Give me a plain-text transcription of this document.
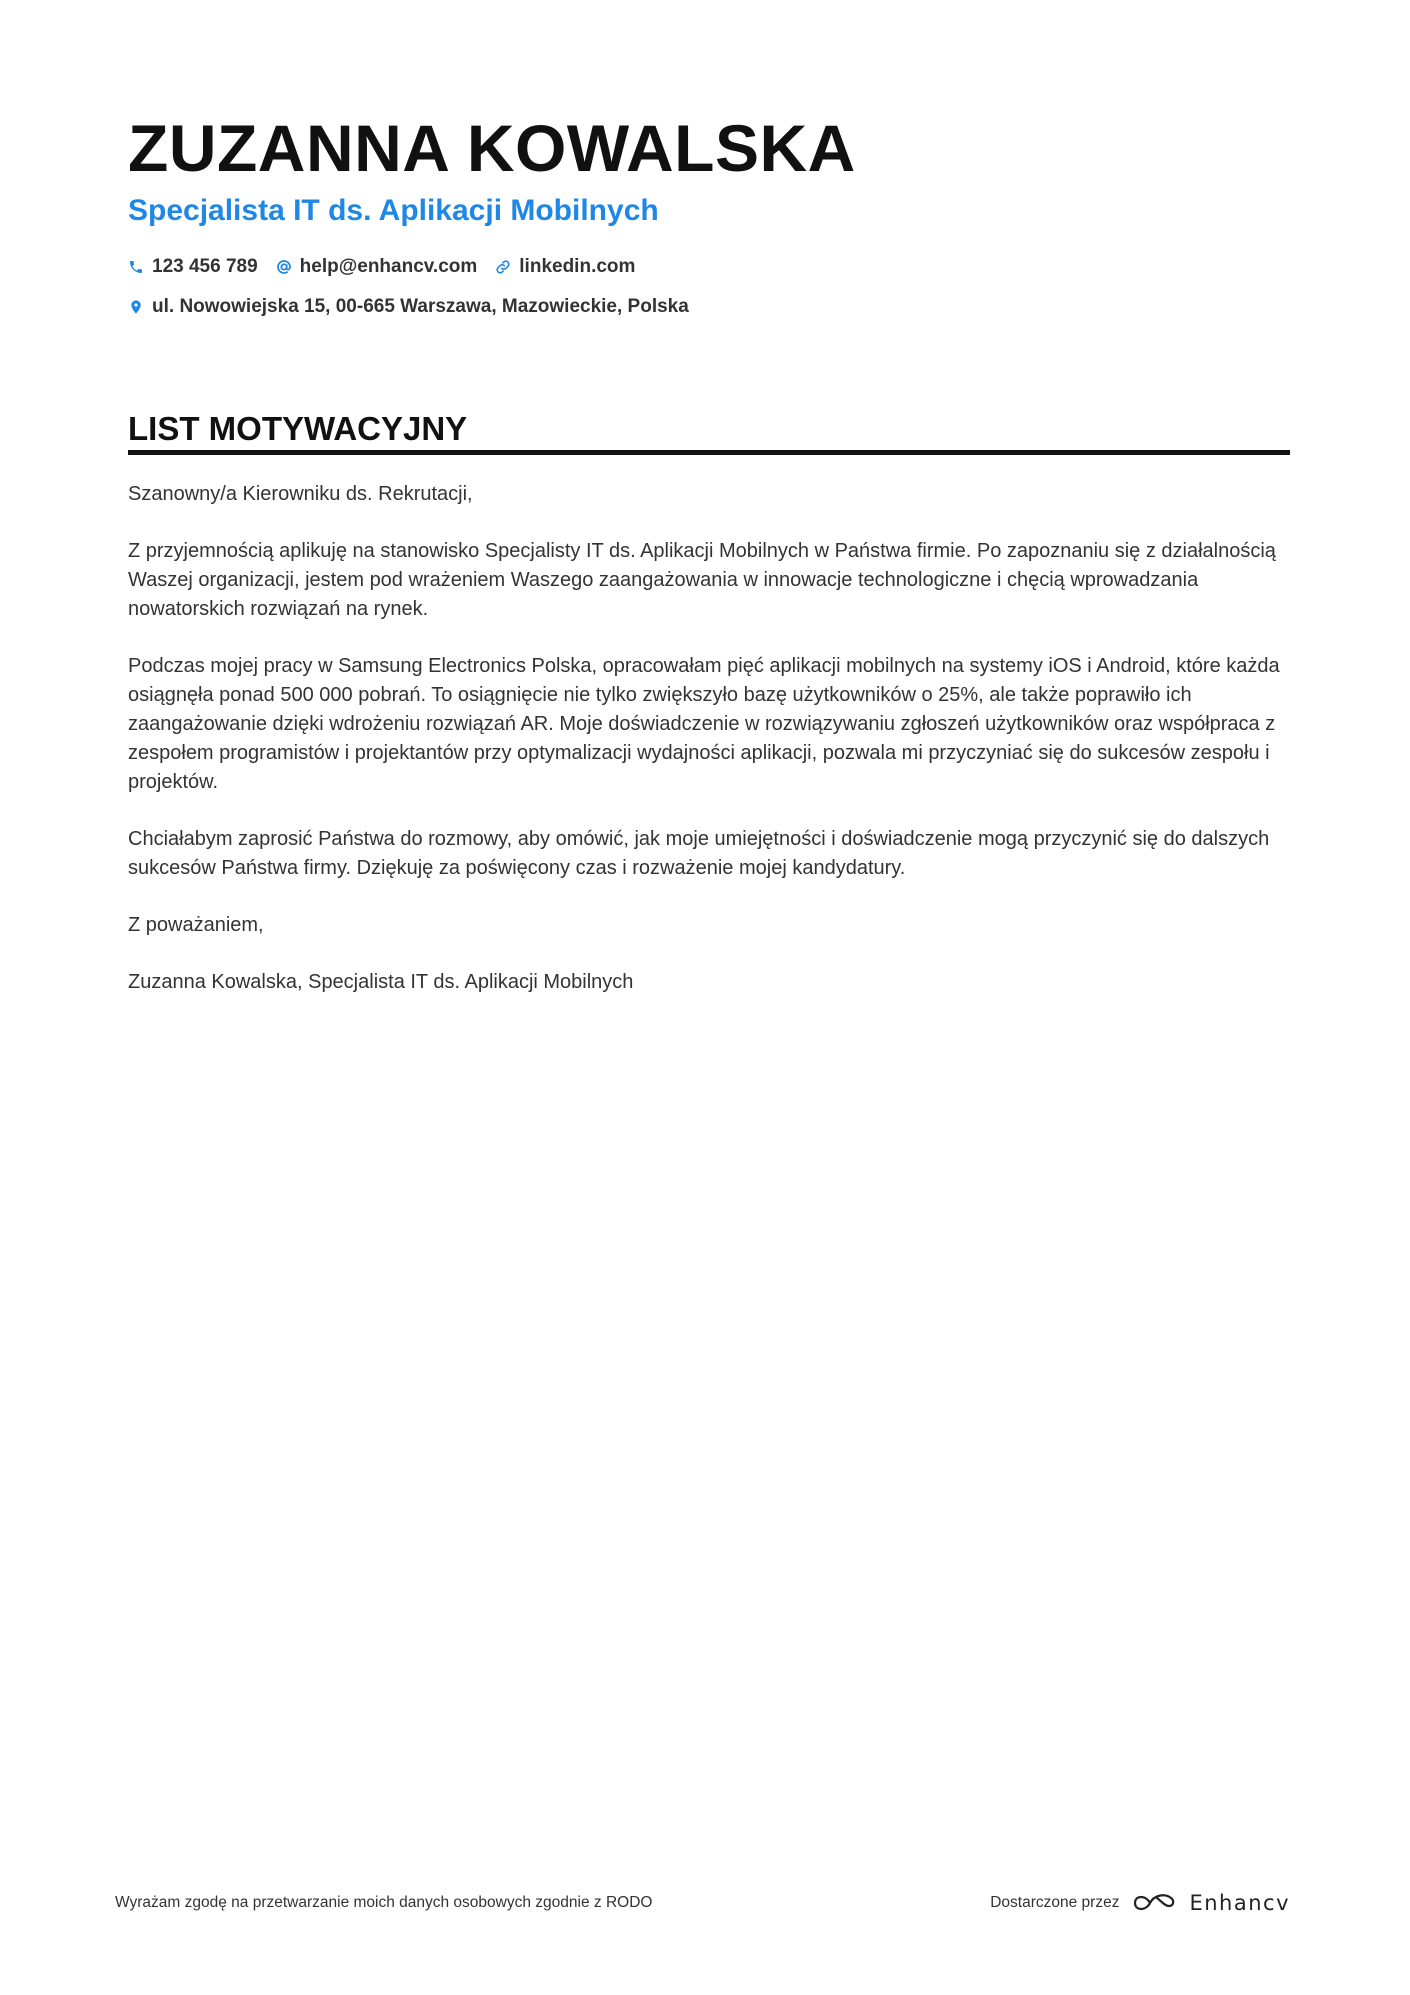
ZUZANNA KOWALSKA
Specjalista IT ds. Aplikacji Mobilnych
123 456 789 help@enhancv.com linkedin.com
ul. Nowowiejska 15, 00-665 Warszawa, Mazowieckie, Polska
LIST MOTYWACYJNY

Szanowny/a Kierowniku ds. Rekrutacji,

Z przyjemnością aplikuję na stanowisko Specjalisty IT ds. Aplikacji Mobilnych w Państwa firmie. Po zapoznaniu się z działalnością Waszej organizacji, jestem pod wrażeniem Waszego zaangażowania w innowacje technologiczne i chęcią wprowadzania nowatorskich rozwiązań na rynek.

Podczas mojej pracy w Samsung Electronics Polska, opracowałam pięć aplikacji mobilnych na systemy iOS i Android, które każda osiągnęła ponad 500 000 pobrań. To osiągnięcie nie tylko zwiększyło bazę użytkowników o 25%, ale także poprawiło ich zaangażowanie dzięki wdrożeniu rozwiązań AR. Moje doświadczenie w rozwiązywaniu zgłoszeń użytkowników oraz współpraca z zespołem programistów i projektantów przy optymalizacji wydajności aplikacji, pozwala mi przyczyniać się do sukcesów zespołu i projektów.

Chciałabym zaprosić Państwa do rozmowy, aby omówić, jak moje umiejętności i doświadczenie mogą przyczynić się do dalszych sukcesów Państwa firmy. Dziękuję za poświęcony czas i rozważenie mojej kandydatury.

Z poważaniem,

Zuzanna Kowalska, Specjalista IT ds. Aplikacji Mobilnych

Wyrażam zgodę na przetwarzanie moich danych osobowych zgodnie z RODO	Dostarczone przez	Enhancv
